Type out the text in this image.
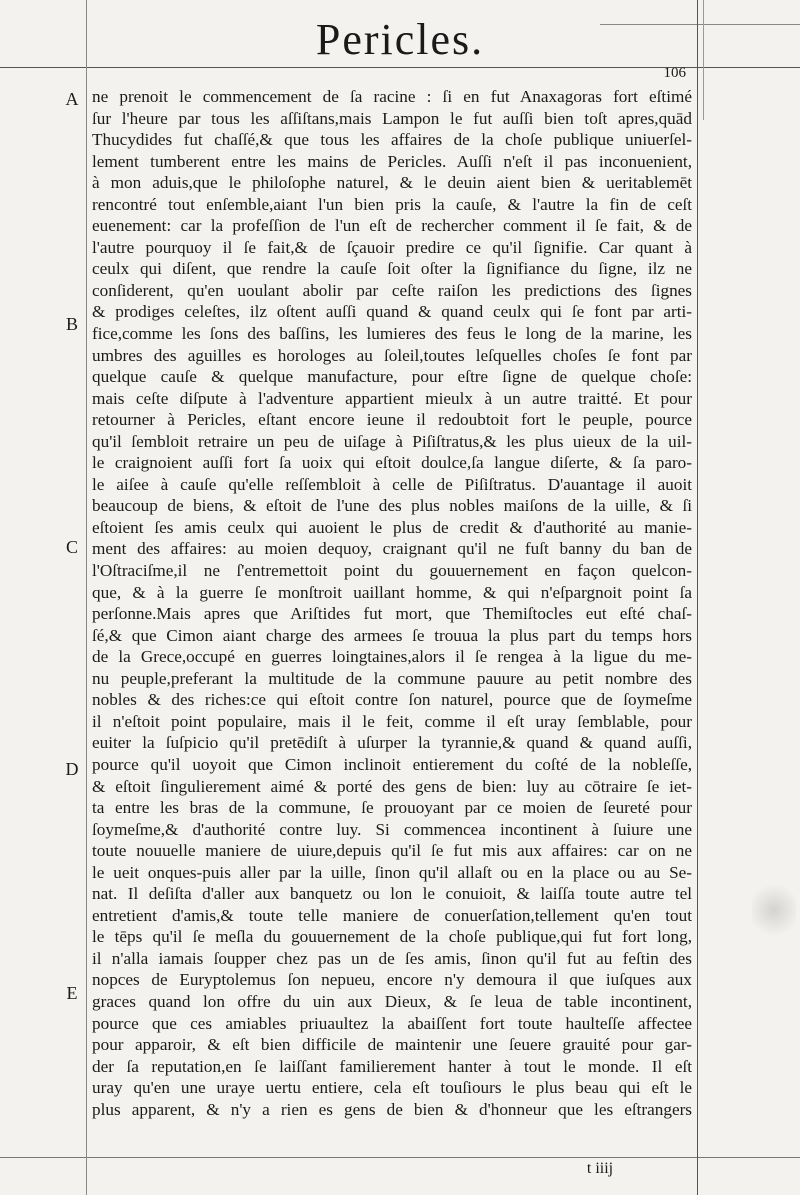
Pericles.
106
A
B
C
D
E
ne prenoit le commencement de ſa racine : ſi en fut Anaxagoras fort eſtimé
ſur l'heure par tous les aſſiſtans,mais Lampon le fut auſſi bien toſt apres,quād
Thucydides fut chaſſé,& que tous les affaires de la choſe publique uniuerſel-
lement tumberent entre les mains de Pericles. Auſſi n'eſt il pas inconuenient,
à mon aduis,que le philoſophe naturel, & le deuin aient bien & ueritablemēt
rencontré tout enſemble,aiant l'un bien pris la cauſe, & l'autre la fin de ceſt
euenement: car la profeſſion de l'un eſt de rechercher comment il ſe fait, & de
l'autre pourquoy il ſe fait,& de ſçauoir predire ce qu'il ſignifie. Car quant à
ceulx qui diſent, que rendre la cauſe ſoit oſter la ſignifiance du ſigne, ilz ne
conſiderent, qu'en uoulant abolir par ceſte raiſon les predictions des ſignes
& prodiges celeſtes, ilz oſtent auſſi quand & quand ceulx qui ſe font par arti-
fice,comme les ſons des baſſins, les lumieres des feus le long de la marine, les
umbres des aguilles es horologes au ſoleil,toutes leſquelles choſes ſe font par
quelque cauſe & quelque manufacture, pour eſtre ſigne de quelque choſe:
mais ceſte diſpute à l'adventure appartient mieulx à un autre traitté. Et pour
retourner à Pericles, eſtant encore ieune il redoubtoit fort le peuple, pource
qu'il ſembloit retraire un peu de uiſage à Piſiſtratus,& les plus uieux de la uil-
le craignoient auſſi fort ſa uoix qui eſtoit doulce,ſa langue diſerte, & ſa paro-
le aiſee à cauſe qu'elle reſſembloit à celle de Piſiſtratus. D'auantage il auoit
beaucoup de biens, & eſtoit de l'une des plus nobles maiſons de la uille, & ſi
eſtoient ſes amis ceulx qui auoient le plus de credit & d'authorité au manie-
ment des affaires: au moien dequoy, craignant qu'il ne fuſt banny du ban de
l'Oſtraciſme,il ne ſ'entremettoit point du gouuernement en façon quelcon-
que, & à la guerre ſe monſtroit uaillant homme, & qui n'eſpargnoit point ſa
perſonne.Mais apres que Ariſtides fut mort, que Themiſtocles eut eſté chaſ-
ſé,& que Cimon aiant charge des armees ſe trouua la plus part du temps hors
de la Grece,occupé en guerres loingtaines,alors il ſe rengea à la ligue du me-
nu peuple,preferant la multitude de la commune pauure au petit nombre des
nobles & des riches:ce qui eſtoit contre ſon naturel, pource que de ſoymeſme
il n'eſtoit point populaire, mais il le feit, comme il eſt uray ſemblable, pour
euiter la ſuſpicio qu'il pretēdiſt à uſurper la tyrannie,& quand & quand auſſi,
pource qu'il uoyoit que Cimon inclinoit entierement du coſté de la nobleſſe,
& eſtoit ſingulierement aimé & porté des gens de bien: luy au cōtraire ſe iet-
ta entre les bras de la commune, ſe prouoyant par ce moien de ſeureté pour
ſoymeſme,& d'authorité contre luy. Si commencea incontinent à ſuiure une
toute nouuelle maniere de uiure,depuis qu'il ſe fut mis aux affaires: car on ne
le ueit onques-puis aller par la uille, ſinon qu'il allaſt ou en la place ou au Se-
nat. Il deſiſta d'aller aux banquetz ou lon le conuioit, & laiſſa toute autre tel
entretient d'amis,& toute telle maniere de conuerſation,tellement qu'en tout
le tēps qu'il ſe meſla du gouuernement de la choſe publique,qui fut fort long,
il n'alla iamais ſoupper chez pas un de ſes amis, ſinon qu'il fut au feſtin des
nopces de Euryptolemus ſon nepueu, encore n'y demoura il que iuſques aux
graces quand lon offre du uin aux Dieux, & ſe leua de table incontinent,
pource que ces amiables priuaultez la abaiſſent fort toute haulteſſe affectee
pour apparoir, & eſt bien difficile de maintenir une ſeuere grauité pour gar-
der ſa reputation,en ſe laiſſant familierement hanter à tout le monde. Il eſt
uray qu'en une uraye uertu entiere, cela eſt touſiours le plus beau qui eſt le
plus apparent, & n'y a rien es gens de bien & d'honneur que les eſtrangers
t iiij
